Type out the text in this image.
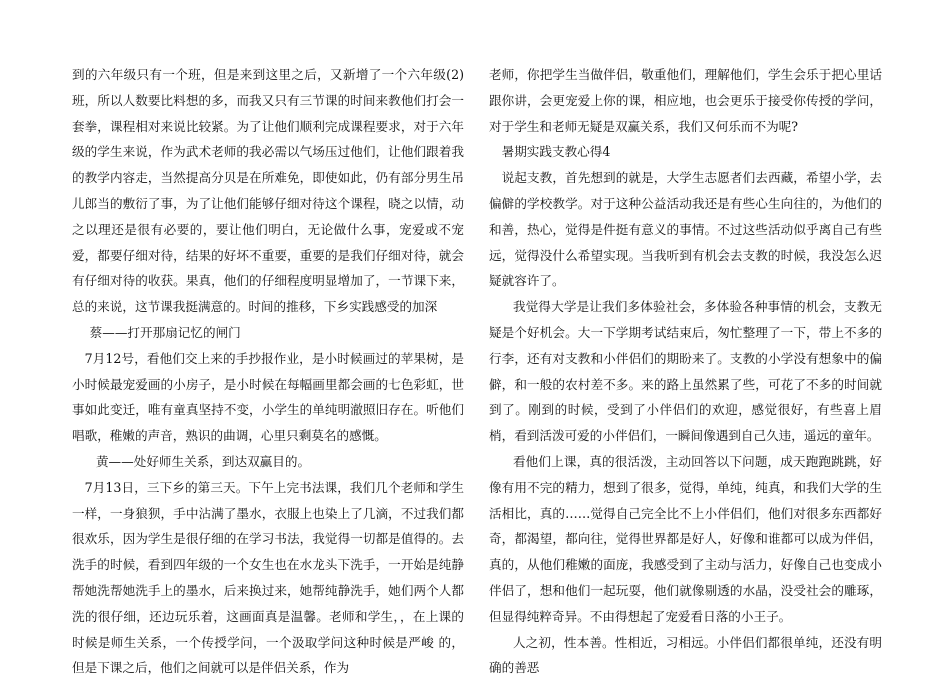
到的六年级只有一个班，但是来到这里之后，又新增了一个六年级(2)班，所以人数要比料想的多，而我又只有三节课的时间来教他们打会一套拳，课程相对来说比较紧。为了让他们顺利完成课程要求，对于六年级的学生来说，作为武术老师的我必需以气场压过他们，让他们跟着我的教学内容走，当然提高分贝是在所难免，即使如此，仍有部分男生吊儿郎当的敷衍了事，为了让他们能够仔细对待这个课程，晓之以情，动之以理还是很有必要的，要让他们明白，无论做什么事，宠爱或不宠爱，都要仔细对待，结果的好坏不重要，重要的是我们仔细对待，就会有仔细对待的收获。果真，他们的仔细程度明显增加了，一节课下来，总的来说，这节课我挺满意的。时间的推移，下乡实践感受的加深

蔡——打开那扇记忆的闸门

7月12号，看他们交上来的手抄报作业，是小时候画过的苹果树，是小时候最宠爱画的小房子，是小时候在每幅画里都会画的七色彩虹，世事如此变迁，唯有童真坚持不变，小学生的单纯明澈照旧存在。听他们唱歌，稚嫩的声音，熟识的曲调，心里只剩莫名的感慨。

黄——处好师生关系，到达双赢目的。

7月13日，三下乡的第三天。下午上完书法课，我们几个老师和学生一样，一身狼狈，手中沾满了墨水，衣服上也染上了几滴，不过我们都很欢乐，因为学生是很仔细的在学习书法，我觉得一切都是值得的。去洗手的时候，看到四年级的一个女生也在水龙头下洗手，一开始是纯静帮她洗帮她洗手上的墨水，后来换过来，她帮纯静洗手，她们两个人都洗的很仔细，还边玩乐着，这画面真是温馨。老师和学生，，在上课的时候是师生关系，一个传授学问，一个汲取学问这种时候是严峻 的，但是下课之后，他们之间就可以是伴侣关系，作为

老师，你把学生当做伴侣，敬重他们，理解他们，学生会乐于把心里话跟你讲，会更宠爱上你的课，相应地，也会更乐于接受你传授的学问，对于学生和老师无疑是双赢关系，我们又何乐而不为呢?

暑期实践支教心得4

说起支教，首先想到的就是，大学生志愿者们去西藏，希望小学，去偏僻的学校教学。对于这种公益活动我还是有些心生向往的，为他们的和善，热心，觉得是件挺有意义的事情。不过这些活动似乎离自己有些远，觉得没什么希望实现。当我听到有机会去支教的时候，我没怎么迟疑就容许了。

我觉得大学是让我们多体验社会，多体验各种事情的机会，支教无疑是个好机会。大一下学期考试结束后，匆忙整理了一下，带上不多的行李，还有对支教和小伴侣们的期盼来了。支教的小学没有想象中的偏僻，和一般的农村差不多。来的路上虽然累了些，可花了不多的时间就到了。刚到的时候，受到了小伴侣们的欢迎，感觉很好，有些喜上眉梢，看到活泼可爱的小伴侣们，一瞬间像遇到自己久违，遥远的童年。

看他们上课，真的很活泼，主动回答以下问题，成天跑跑跳跳，好像有用不完的精力，想到了很多，觉得，单纯，纯真，和我们大学的生活相比，真的……觉得自己完全比不上小伴侣们，他们对很多东西都好奇，都渴望，都向往，觉得世界都是好人，好像和谁都可以成为伴侣，真的，从他们稚嫩的面庞，我感受到了主动与活力，好像自己也变成小伴侣了，想和他们一起玩耍，他们就像剔透的水晶，没受社会的雕琢，但显得纯粹奇异。不由得想起了宠爱看日落的小王子。

人之初，性本善。性相近，习相远。小伴侣们都很单纯，还没有明确的善恶
